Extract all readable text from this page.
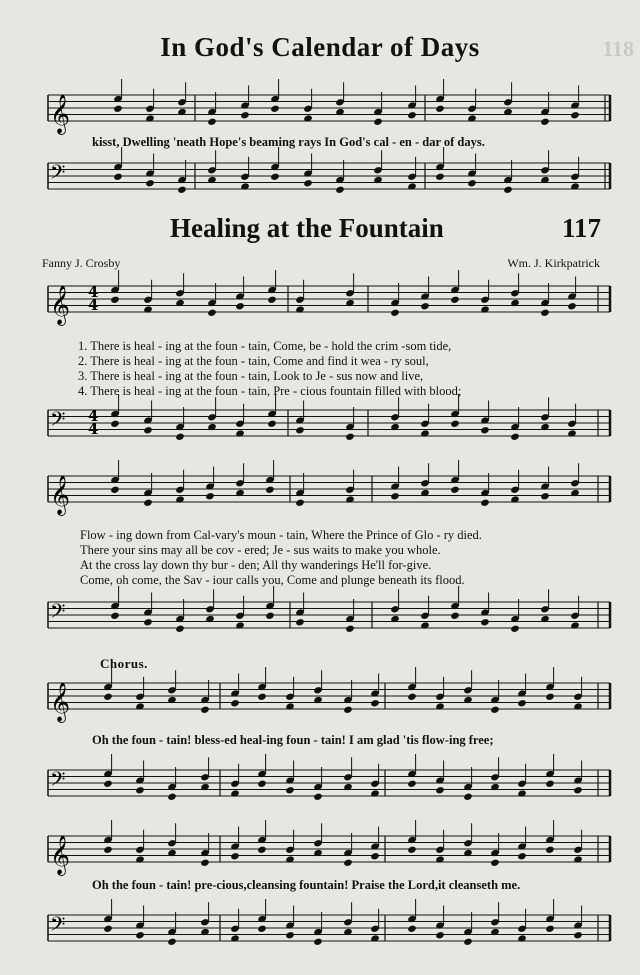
𝄞
𝄢
𝄞
𝄢
𝄞
𝄢
𝄞
𝄢
𝄞
𝄢
4
4
4
4
In God's Calendar of Days	118
kisst, Dwelling 'neath Hope's beaming rays In God's cal - en - dar of days.
Healing at the Fountain	117
Fanny J. Crosby	Wm. J. Kirkpatrick
1. There is heal - ing at the foun - tain, Come, be - hold the crim -som tide,
2. There is heal - ing at the foun - tain, Come and find it wea - ry soul,
3. There is heal - ing at the foun - tain, Look to Je - sus now and live,
4. There is heal - ing at the foun - tain, Pre - cious fountain filled with blood;
Flow - ing down from Cal-vary's moun - tain, Where the Prince of Glo - ry died.
There your sins may all be cov - ered; Je - sus waits to make you whole.
At the cross lay down thy bur - den; All thy wanderings He'll for-give.
Come, oh come, the Sav - iour calls you, Come and plunge beneath its flood.
Chorus.
Oh the foun - tain! bless-ed heal-ing foun - tain! I am glad 'tis flow-ing free;
Oh the foun - tain! pre-cious,cleansing fountain! Praise the Lord,it cleanseth me.
